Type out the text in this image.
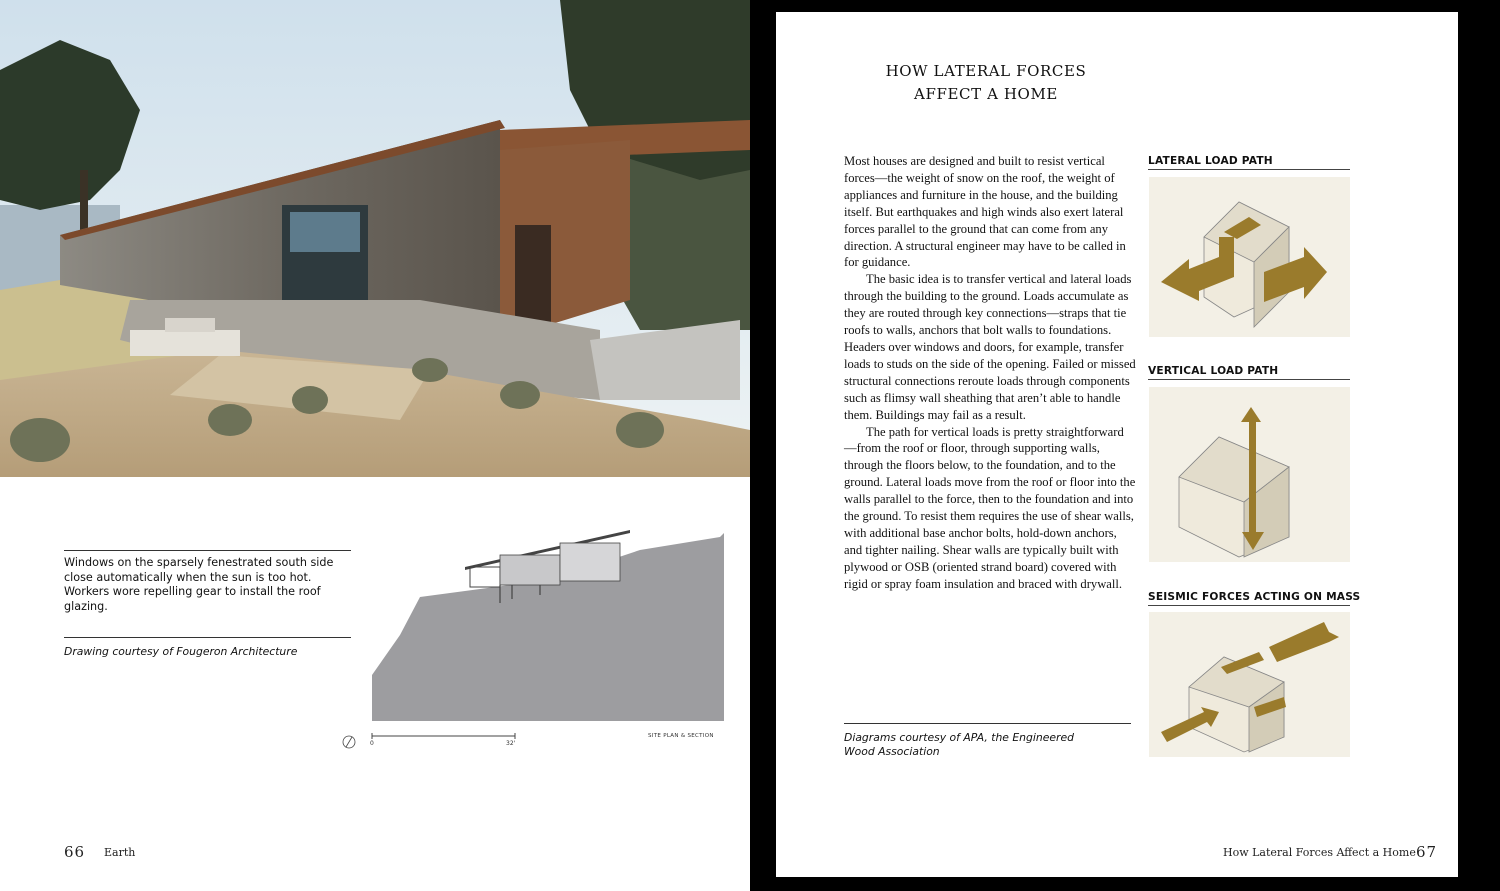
Windows on the sparsely fenestrated south side close automatically when the sun is too hot. Workers wore repelling gear to install the roof glazing.
Drawing courtesy of Fougeron Architecture
0	32'
SITE PLAN & SECTION
66 Earth
HOW LATERAL FORCES
AFFECT A HOME

Most houses are designed and built to resist vertical forces—the weight of snow on the roof, the weight of appliances and furniture in the house, and the building itself. But earthquakes and high winds also exert lateral forces parallel to the ground that can come from any direction. A structural engineer may have to be called in for guidance.

The basic idea is to transfer vertical and lateral loads through the building to the ground. Loads accumulate as they are routed through key connections—straps that tie roofs to walls, anchors that bolt walls to foundations. Headers over windows and doors, for example, transfer loads to studs on the side of the opening. Failed or missed structural connections reroute loads through components such as flimsy wall sheathing that aren’t able to handle them. Buildings may fail as a result.

The path for vertical loads is pretty straightforward—from the roof or floor, through supporting walls, through the floors below, to the foundation, and to the ground. Lateral loads move from the roof or floor into the walls parallel to the force, then to the foundation and into the ground. To resist them requires the use of shear walls, with additional base anchor bolts, hold-down anchors, and tighter nailing. Shear walls are typically built with plywood or OSB (oriented strand board) covered with rigid or spray foam insulation and braced with drywall.

LATERAL LOAD PATH
VERTICAL LOAD PATH
SEISMIC FORCES ACTING ON MASS
Diagrams courtesy of APA, the Engineered Wood Association
How Lateral Forces Affect a Home 67
